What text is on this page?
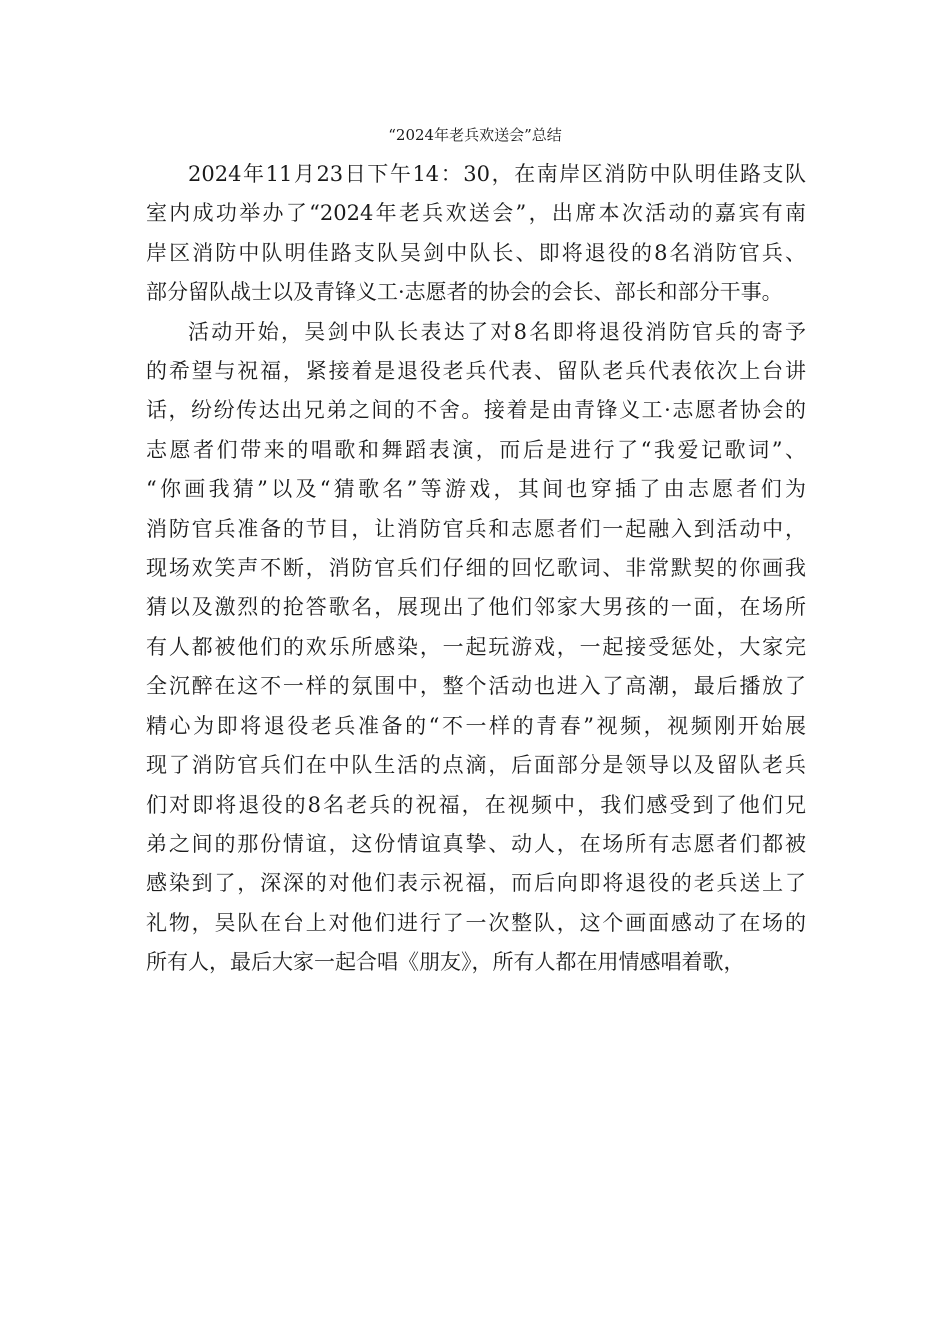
“2024年老兵欢送会”总结

2024年11月23日下午14：30，在南岸区消防中队明佳路支队
室内成功举办了“2024年老兵欢送会”，出席本次活动的嘉宾有南
岸区消防中队明佳路支队吴剑中队长、即将退役的8名消防官兵、
部分留队战士以及青锋义工·志愿者的协会的会长、部长和部分干事。

活动开始，吴剑中队长表达了对8名即将退役消防官兵的寄予
的希望与祝福，紧接着是退役老兵代表、留队老兵代表依次上台讲
话，纷纷传达出兄弟之间的不舍。接着是由青锋义工·志愿者协会的
志愿者们带来的唱歌和舞蹈表演，而后是进行了“我爱记歌词”、
“你画我猜”以及“猜歌名”等游戏，其间也穿插了由志愿者们为
消防官兵准备的节目，让消防官兵和志愿者们一起融入到活动中，
现场欢笑声不断，消防官兵们仔细的回忆歌词、非常默契的你画我
猜以及激烈的抢答歌名，展现出了他们邻家大男孩的一面，在场所
有人都被他们的欢乐所感染，一起玩游戏，一起接受惩处，大家完
全沉醉在这不一样的氛围中，整个活动也进入了高潮，最后播放了
精心为即将退役老兵准备的“不一样的青春”视频，视频刚开始展
现了消防官兵们在中队生活的点滴，后面部分是领导以及留队老兵
们对即将退役的8名老兵的祝福，在视频中，我们感受到了他们兄
弟之间的那份情谊，这份情谊真挚、动人，在场所有志愿者们都被
感染到了，深深的对他们表示祝福，而后向即将退役的老兵送上了
礼物，吴队在台上对他们进行了一次整队，这个画面感动了在场的
所有人，最后大家一起合唱《朋友》，所有人都在用情感唱着歌，
